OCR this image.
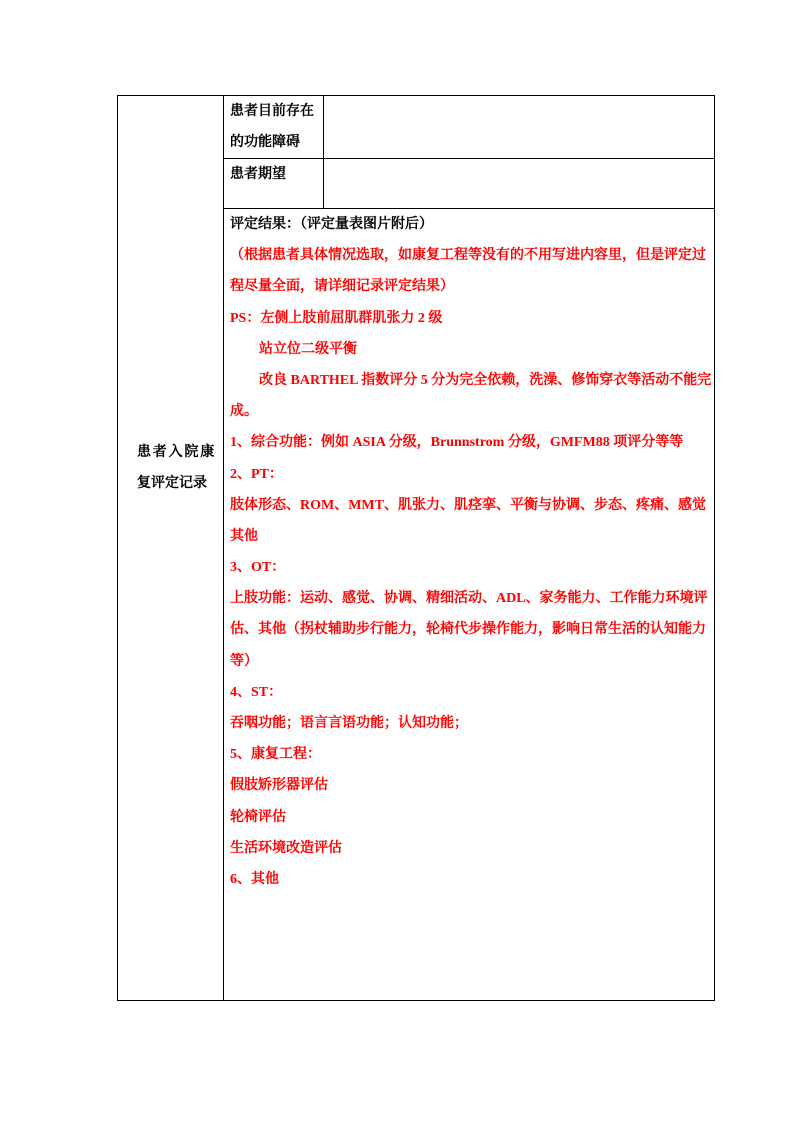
患者入院康
复评定记录
患者目前存在
的功能障碍
患者期望
评定结果：（评定量表图片附后）
（根据患者具体情况选取，如康复工程等没有的不用写进内容里，但是评定过
程尽量全面，请详细记录评定结果）
PS：左侧上肢前屈肌群肌张力 2 级
站立位二级平衡
改良 BARTHEL 指数评分 5 分为完全依赖，洗澡、修饰穿衣等活动不能完
成。
1、综合功能：例如 ASIA 分级，Brunnstrom 分级，GMFM88 项评分等等
2、PT：
肢体形态、ROM、MMT、肌张力、肌痉挛、平衡与协调、步态、疼痛、感觉
其他
3、OT：
上肢功能：运动、感觉、协调、精细活动、ADL、家务能力、工作能力环境评
估、其他（拐杖辅助步行能力，轮椅代步操作能力，影响日常生活的认知能力
等）
4、ST：
吞咽功能；语言言语功能；认知功能；
5、康复工程：
假肢矫形器评估
轮椅评估
生活环境改造评估
6、其他
